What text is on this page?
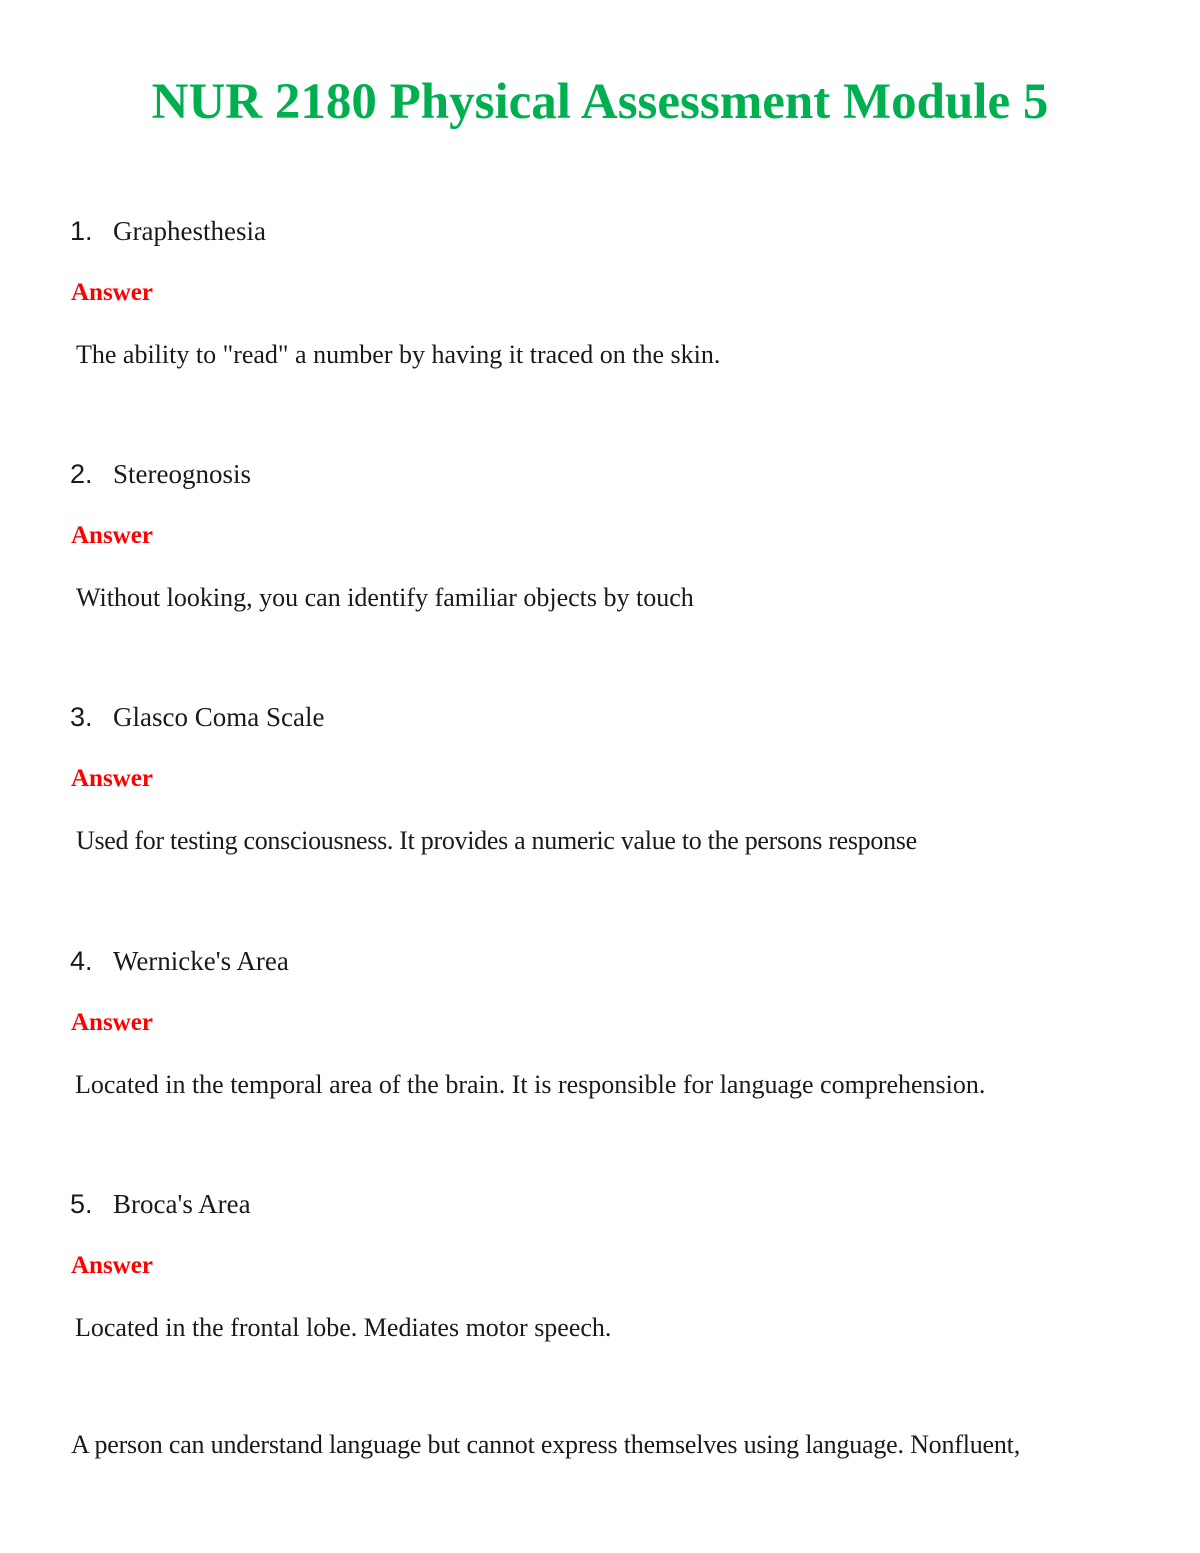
NUR 2180 Physical Assessment Module 5
1. Graphesthesia
Answer
The ability to "read" a number by having it traced on the skin.
2. Stereognosis
Answer
Without looking, you can identify familiar objects by touch
3. Glasco Coma Scale
Answer
Used for testing consciousness. It provides a numeric value to the persons response
4. Wernicke's Area
Answer
Located in the temporal area of the brain. It is responsible for language comprehension.
5. Broca's Area
Answer
Located in the frontal lobe. Mediates motor speech.
A person can understand language but cannot express themselves using language. Nonfluent,
